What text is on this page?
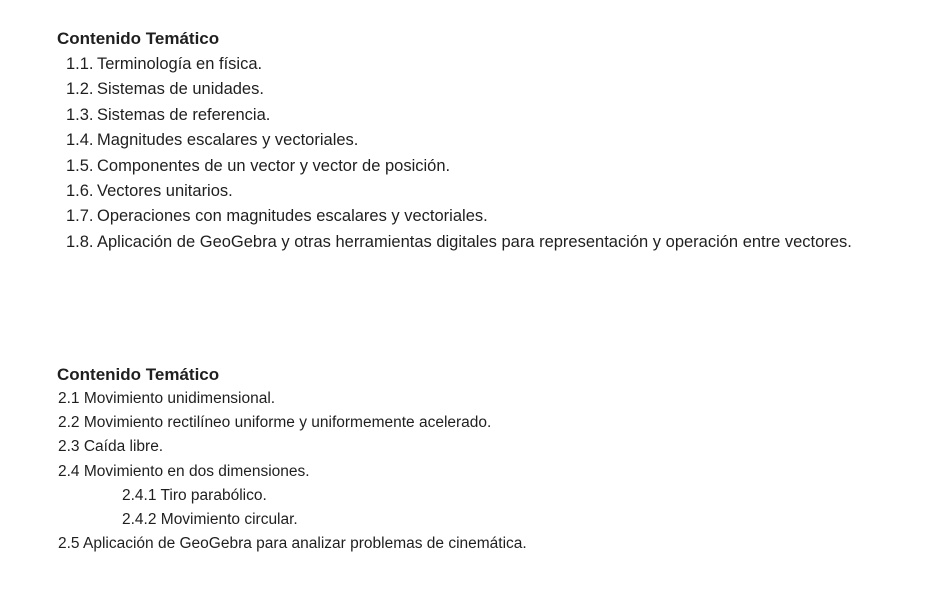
Contenido Temático
1.1. Terminología en física.
1.2. Sistemas de unidades.
1.3. Sistemas de referencia.
1.4. Magnitudes escalares y vectoriales.
1.5. Componentes de un vector y vector de posición.
1.6. Vectores unitarios.
1.7. Operaciones con magnitudes escalares y vectoriales.
1.8. Aplicación de GeoGebra y otras herramientas digitales para representación y operación entre vectores.
Contenido Temático
2.1 Movimiento unidimensional.
2.2 Movimiento rectilíneo uniforme y uniformemente acelerado.
2.3 Caída libre.
2.4 Movimiento en dos dimensiones.
2.4.1 Tiro parabólico.
2.4.2 Movimiento circular.
2.5 Aplicación de GeoGebra para analizar problemas de cinemática.
